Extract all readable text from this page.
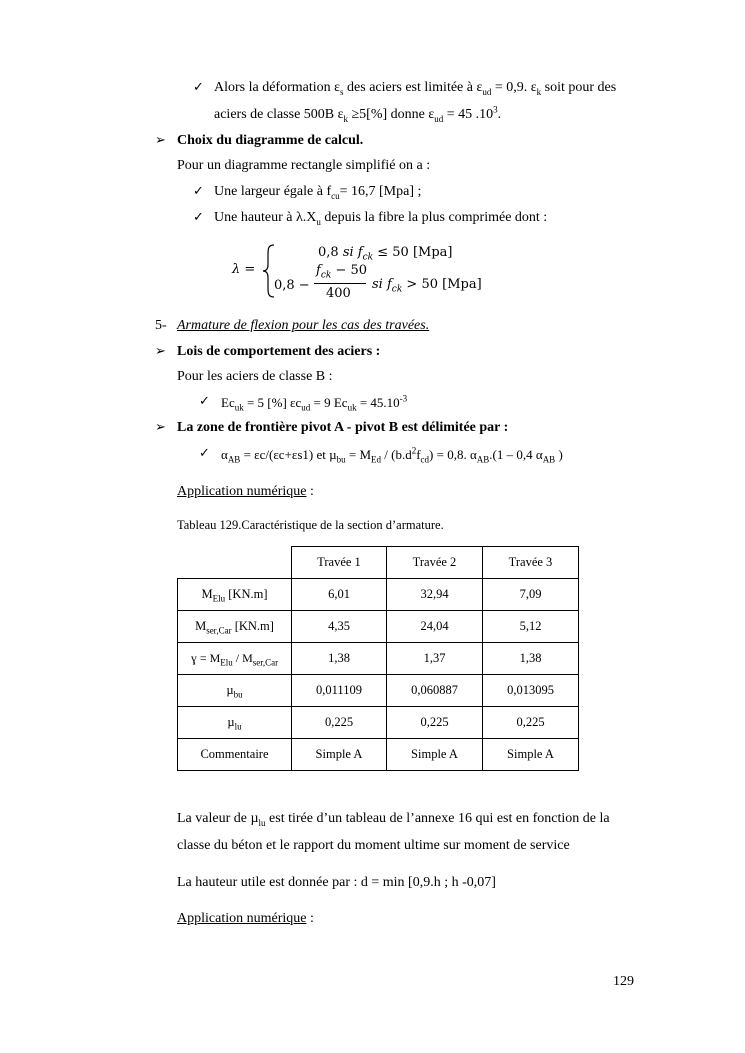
✓ Alors la déformation $\varepsilon_s$ des aciers est limitée à $\varepsilon_{ud} = 0,9$. $\varepsilon_k$ soit pour des
aciers de classe 500B $\varepsilon_k \ge 5[\%]$ donne $\varepsilon_{ud} = 45$ $.10^3$.
➢ Choix du diagramme de calcul.
Pour un diagramme rectangle simplifié on a :
✓ Une largeur égale à $f_{cu}= 16,7$ [Mpa] ;
✓ Une hauteur à $\lambda.X_u$ depuis la fibre la plus comprimée dont :
λ =
0,8 si $f_{ck} \le 50$ [Mpa]
0,8 −
$f_{ck} - 50$
400
si $f_{ck} > 50$ [Mpa]
5- Armature de flexion pour les cas des travées.
➢ Lois de comportement des aciers :
Pour les aciers de classe B :
✓ $Ec_{uk} = 5$ [%] $\varepsilon c_{ud} = 9$ $Ec_{uk} = 45.10^{-3}$
➢ La zone de frontière pivot A - pivot B est délimitée par :
✓ $\alpha_{AB} = \varepsilon c/(\varepsilon c+\varepsilon s1)$ et $\mu_{bu} = M_{Ed} / (b.d^2f_{cd}) = 0,8$. $\alpha_{AB}.(1 - 0,4$ $\alpha_{AB}$ )
Application numérique :
Tableau 129.Caractéristique de la section d’armature.
	Travée 1	Travée 2	Travée 3
$M_{Elu}$ [KN.m]	6,01	32,94	7,09
$M_{ser,Car}$ [KN.m]	4,35	24,04	5,12
ɣ = $M_{Elu} / M_{ser,Car}$	1,38	1,37	1,38
µ$_{bu}$	0,011109	0,060887	0,013095
µ$_{lu}$	0,225	0,225	0,225
Commentaire	Simple A	Simple A	Simple A
La valeur de µ$_{lu}$ est tirée d’un tableau de l’annexe 16 qui est en fonction de la
classe du béton et le rapport du moment ultime sur moment de service
La hauteur utile est donnée par : d = min [0,9.h ; h -0,07]
Application numérique :
129
